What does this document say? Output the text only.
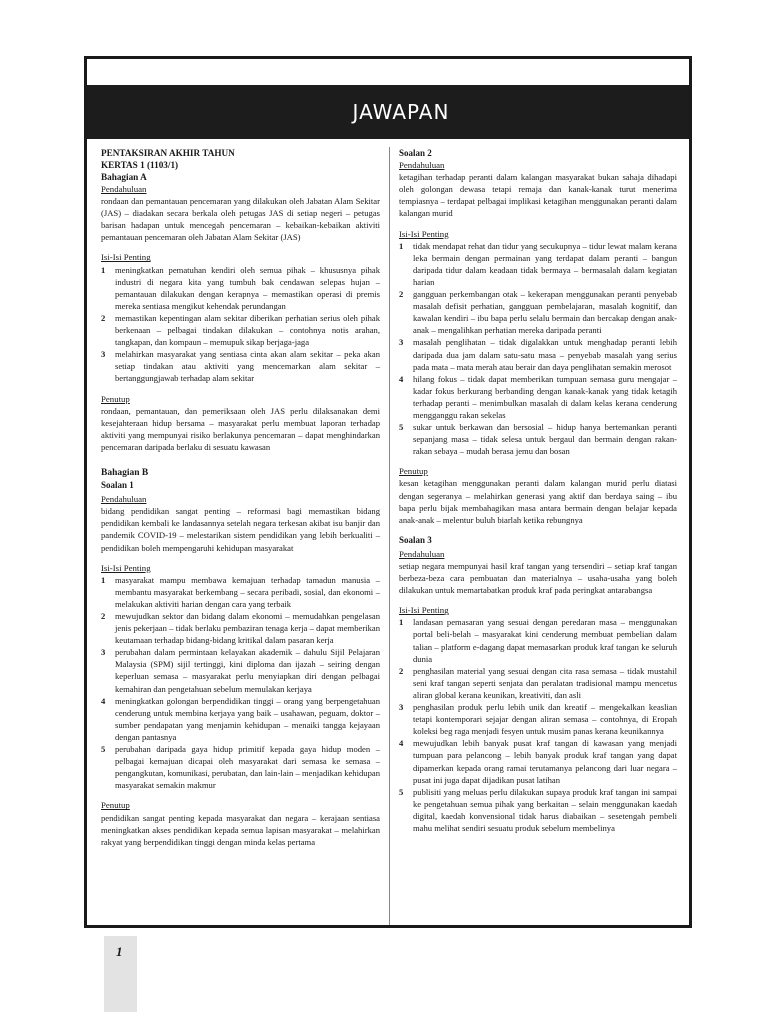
JAWAPAN
PENTAKSIRAN AKHIR TAHUN
KERTAS 1 (1103/1)
Bahagian A
Pendahuluan
rondaan dan pemantauan pencemaran yang dilakukan oleh Jabatan Alam Sekitar (JAS) – diadakan secara berkala oleh petugas JAS di setiap negeri – petugas barisan hadapan untuk mencegah pencemaran – kebaikan-kebaikan aktiviti pemantauan pencemaran oleh Jabatan Alam Sekitar (JAS)
Isi-Isi Penting
1	meningkatkan pematuhan kendiri oleh semua pihak – khususnya pihak industri di negara kita yang tumbuh bak cendawan selepas hujan – pemantauan dilakukan dengan kerapnya – memastikan operasi di premis mereka sentiasa mengikut kehendak perundangan
2	memastikan kepentingan alam sekitar diberikan perhatian serius oleh pihak berkenaan – pelbagai tindakan dilakukan – contohnya notis arahan, tangkapan, dan kompaun – memupuk sikap berjaga-jaga
3	melahirkan masyarakat yang sentiasa cinta akan alam sekitar – peka akan setiap tindakan atau aktiviti yang mencemarkan alam sekitar – bertanggungjawab terhadap alam sekitar
Penutup
rondaan, pemantauan, dan pemeriksaan oleh JAS perlu dilaksanakan demi kesejahteraan hidup bersama – masyarakat perlu membuat laporan terhadap aktiviti yang mempunyai risiko berlakunya pencemaran – dapat menghindarkan pencemaran daripada berlaku di sesuatu kawasan
Bahagian B
Soalan 1
Pendahuluan
bidang pendidikan sangat penting – reformasi bagi memastikan bidang pendidikan kembali ke landasannya setelah negara terkesan akibat isu banjir dan pandemik COVID-19 – melestarikan sistem pendidikan yang lebih berkualiti – pendidikan boleh mempengaruhi kehidupan masyarakat
Isi-Isi Penting
1	masyarakat mampu membawa kemajuan terhadap tamadun manusia – membantu masyarakat berkembang – secara peribadi, sosial, dan ekonomi – melakukan aktiviti harian dengan cara yang terbaik
2	mewujudkan sektor dan bidang dalam ekonomi – memudahkan pengelasan jenis pekerjaan – tidak berlaku pembaziran tenaga kerja – dapat memberikan keutamaan terhadap bidang-bidang kritikal dalam pasaran kerja
3	perubahan dalam permintaan kelayakan akademik – dahulu Sijil Pelajaran Malaysia (SPM) sijil tertinggi, kini diploma dan ijazah – seiring dengan keperluan semasa – masyarakat perlu menyiapkan diri dengan pelbagai kemahiran dan pengetahuan sebelum memulakan kerjaya
4	meningkatkan golongan berpendidikan tinggi – orang yang berpengetahuan cenderung untuk membina kerjaya yang baik – usahawan, peguam, doktor – sumber pendapatan yang menjamin kehidupan – menaiki tangga kejayaan dengan pantasnya
5	perubahan daripada gaya hidup primitif kepada gaya hidup moden – pelbagai kemajuan dicapai oleh masyarakat dari semasa ke semasa – pengangkutan, komunikasi, perubatan, dan lain-lain – menjadikan kehidupan masyarakat semakin makmur
Penutup
pendidikan sangat penting kepada masyarakat dan negara – kerajaan sentiasa meningkatkan akses pendidikan kepada semua lapisan masyarakat – melahirkan rakyat yang berpendidikan tinggi dengan minda kelas pertama
Soalan 2
Pendahuluan
ketagihan terhadap peranti dalam kalangan masyarakat bukan sahaja dihadapi oleh golongan dewasa tetapi remaja dan kanak-kanak turut menerima tempiasnya – terdapat pelbagai implikasi ketagihan menggunakan peranti dalam kalangan murid
Isi-Isi Penting
1	tidak mendapat rehat dan tidur yang secukupnya – tidur lewat malam kerana leka bermain dengan permainan yang terdapat dalam peranti – bangun daripada tidur dalam keadaan tidak bermaya – bermasalah dalam kegiatan harian
2	gangguan perkembangan otak – kekerapan menggunakan peranti penyebab masalah defisit perhatian, gangguan pembelajaran, masalah kognitif, dan kawalan kendiri – ibu bapa perlu selalu bermain dan bercakap dengan anak-anak – mengalihkan perhatian mereka daripada peranti
3	masalah penglihatan – tidak digalakkan untuk menghadap peranti lebih daripada dua jam dalam satu-satu masa – penyebab masalah yang serius pada mata – mata merah atau berair dan daya penglihatan semakin merosot
4	hilang fokus – tidak dapat memberikan tumpuan semasa guru mengajar – kadar fokus berkurang berbanding dengan kanak-kanak yang tidak ketagih terhadap peranti – menimbulkan masalah di dalam kelas kerana cenderung mengganggu rakan sekelas
5	sukar untuk berkawan dan bersosial – hidup hanya bertemankan peranti sepanjang masa – tidak selesa untuk bergaul dan bermain dengan rakan-rakan sebaya – mudah berasa jemu dan bosan
Penutup
kesan ketagihan menggunakan peranti dalam kalangan murid perlu diatasi dengan segeranya – melahirkan generasi yang aktif dan berdaya saing – ibu bapa perlu bijak membahagikan masa antara bermain dengan belajar kepada anak-anak – melentur buluh biarlah ketika rebungnya
Soalan 3
Pendahuluan
setiap negara mempunyai hasil kraf tangan yang tersendiri – setiap kraf tangan berbeza-beza cara pembuatan dan materialnya – usaha-usaha yang boleh dilakukan untuk memartabatkan produk kraf pada peringkat antarabangsa
Isi-Isi Penting
1	landasan pemasaran yang sesuai dengan peredaran masa – menggunakan portal beli-belah – masyarakat kini cenderung membuat pembelian dalam talian – platform e-dagang dapat memasarkan produk kraf tangan ke seluruh dunia
2	penghasilan material yang sesuai dengan cita rasa semasa – tidak mustahil seni kraf tangan seperti senjata dan peralatan tradisional mampu mencetus aliran global kerana keunikan, kreativiti, dan asli
3	penghasilan produk perlu lebih unik dan kreatif – mengekalkan keaslian tetapi kontemporari sejajar dengan aliran semasa – contohnya, di Eropah koleksi beg raga menjadi fesyen untuk musim panas kerana keunikannya
4	mewujudkan lebih banyak pusat kraf tangan di kawasan yang menjadi tumpuan para pelancong – lebih banyak produk kraf tangan yang dapat dipamerkan kepada orang ramai terutamanya pelancong dari luar negara – pusat ini juga dapat dijadikan pusat latihan
5	publisiti yang meluas perlu dilakukan supaya produk kraf tangan ini sampai ke pengetahuan semua pihak yang berkaitan – selain menggunakan kaedah digital, kaedah konvensional tidak harus diabaikan – sesetengah pembeli mahu melihat sendiri sesuatu produk sebelum membelinya
1
